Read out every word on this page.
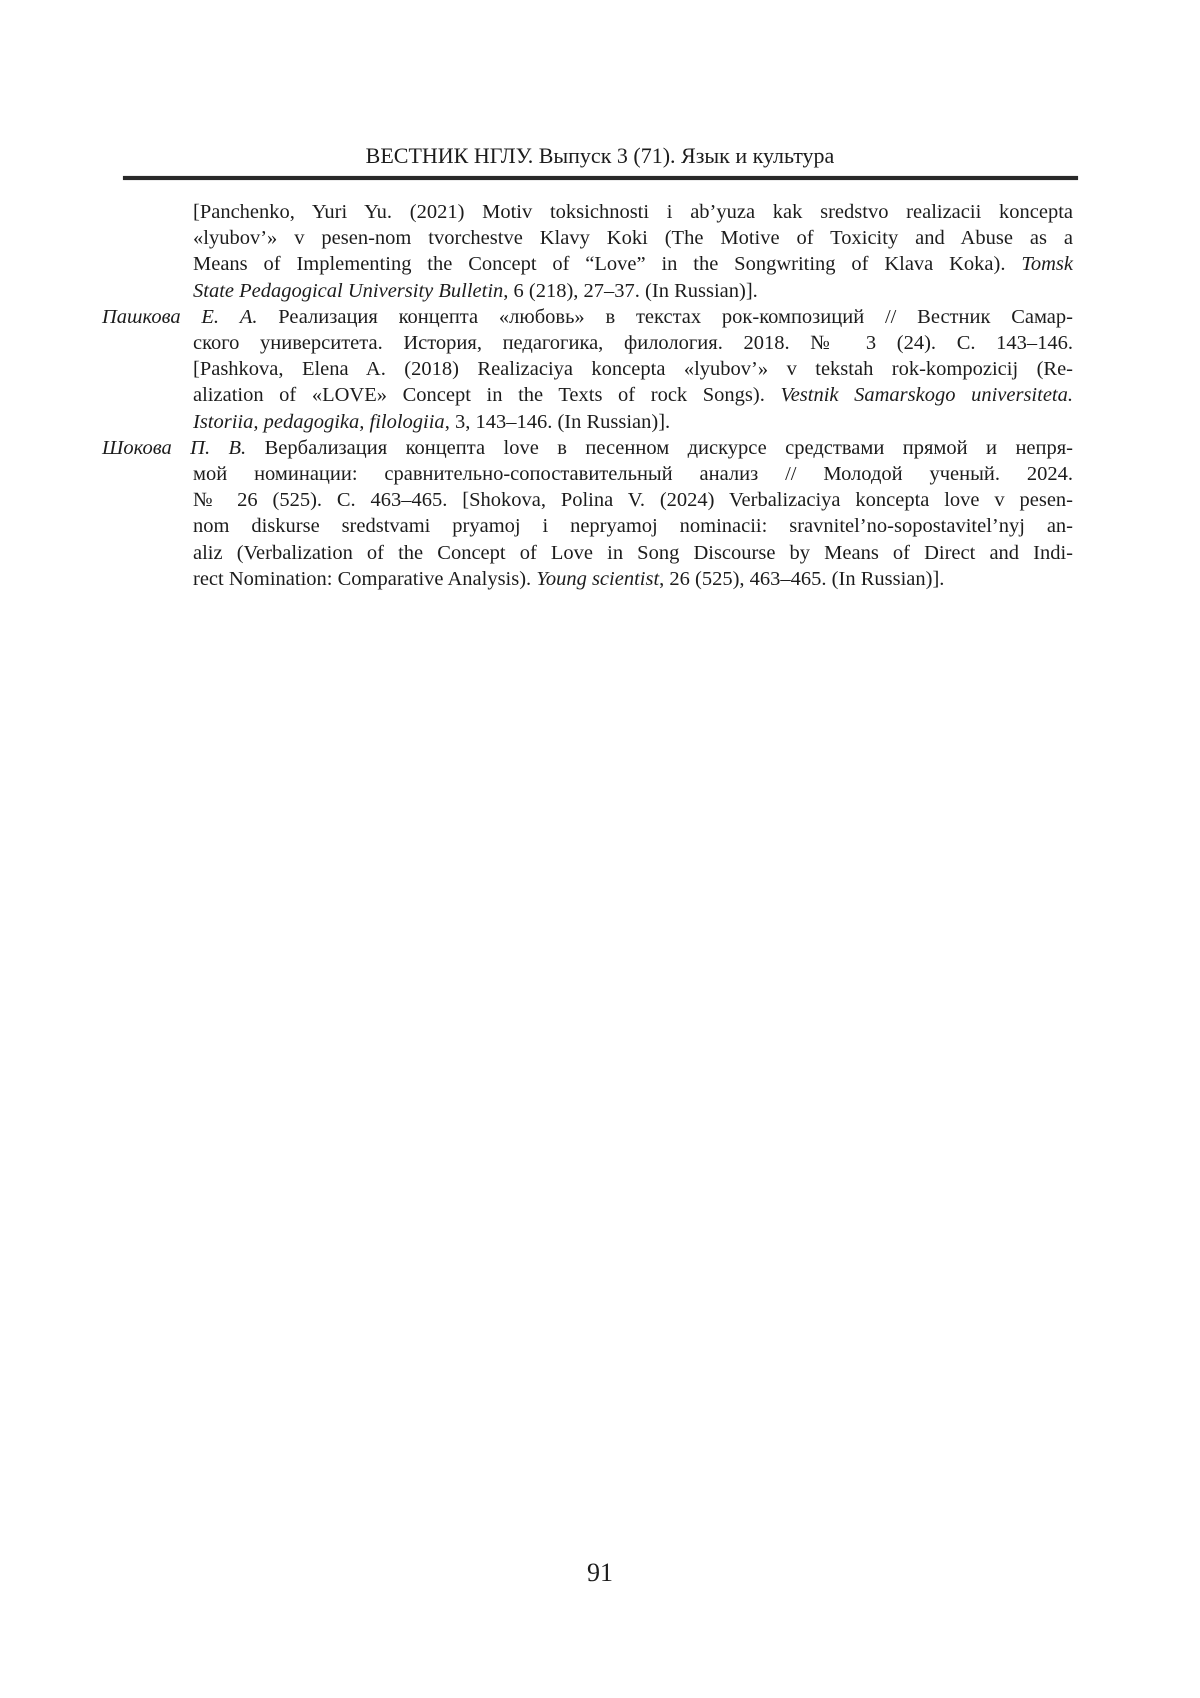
ВЕСТНИК НГЛУ. Выпуск 3 (71). Язык и культура
[Panchenko, Yuri Yu. (2021) Motiv toksichnosti i ab’yuza kak sredstvo realizacii koncepta
«lyubov’» v pesen-nom tvorchestve Klavy Koki (The Motive of Toxicity and Abuse as a
Means of Implementing the Concept of “Love” in the Songwriting of Klava Koka). Tomsk
State Pedagogical University Bulletin, 6 (218), 27–37. (In Russian)].
Пашкова Е. А. Реализация концепта «любовь» в текстах рок-композиций // Вестник Самар-
ского университета. История, педагогика, филология. 2018. № 3 (24). С. 143–146.
[Pashkova, Elena A. (2018) Realizaciya koncepta «lyubov’» v tekstah rok-kompozicij (Re-
alization of «LOVE» Concept in the Texts of rock Songs). Vestnik Samarskogo universiteta.
Istoriia, pedagogika, filologiia, 3, 143–146. (In Russian)].
Шокова П. В. Вербализация концепта love в песенном дискурсе средствами прямой и непря-
мой номинации: сравнительно-сопоставительный анализ // Молодой ученый. 2024.
№ 26 (525). С. 463–465. [Shokova, Polina V. (2024) Verbalizaciya koncepta love v pesen-
nom diskurse sredstvami pryamoj i nepryamoj nominacii: sravnitel’no-sopostavitel’nyj an-
aliz (Verbalization of the Concept of Love in Song Discourse by Means of Direct and Indi-
rect Nomination: Comparative Analysis). Young scientist, 26 (525), 463–465. (In Russian)].
91
